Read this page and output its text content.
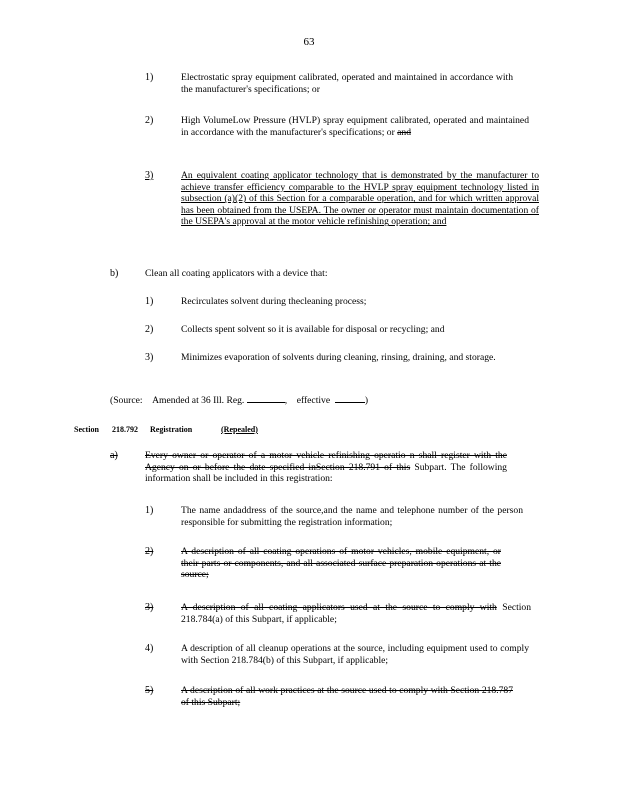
63
1)	Electrostatic spray equipment calibrated, operated and maintained in accordance with the manufacturer's specifications; or
2)	High VolumeLow Pressure (HVLP) spray equipment calibrated, operated and maintained in accordance with the manufacturer's specifications; or and
3)	An equivalent coating applicator technology that is demonstrated by the manufacturer to achieve transfer efficiency comparable to the HVLP spray equipment technology listed in subsection (a)(2) of this Section for a comparable operation, and for which written approval has been obtained from the USEPA. The owner or operator must maintain documentation of the USEPA's approval at the motor vehicle refinishing operation; and
b)	Clean all coating applicators with a device that:
1)	Recirculates solvent during thecleaning process;
2)	Collects spent solvent so it is available for disposal or recycling; and
3)	Minimizes evaporation of solvents during cleaning, rinsing, draining, and storage.
(Source: Amended at 36 Ill. Reg.	, effective	)
Section 218.792 Registration	(Repealed)
a)	Every owner or operator of a motor vehicle refinishing operatio n shall register with the Agency on or before the date specified inSection 218.791 of this Subpart. The following information shall be included in this registration:
1)	The name andaddress of the source,and the name and telephone number of the person responsible for submitting the registration information;
2)	A description of all coating operations of motor vehicles, mobile equipment, or their parts or components, and all associated surface preparation operations at the source;
3)	A description of all coating applicators used at the source to comply with Section 218.784(a) of this Subpart, if applicable;
4)	A description of all cleanup operations at the source, including equipment used to comply with Section 218.784(b) of this Subpart, if applicable;
5)	A description of all work practices at the source used to comply with Section 218.787 of this Subpart;
